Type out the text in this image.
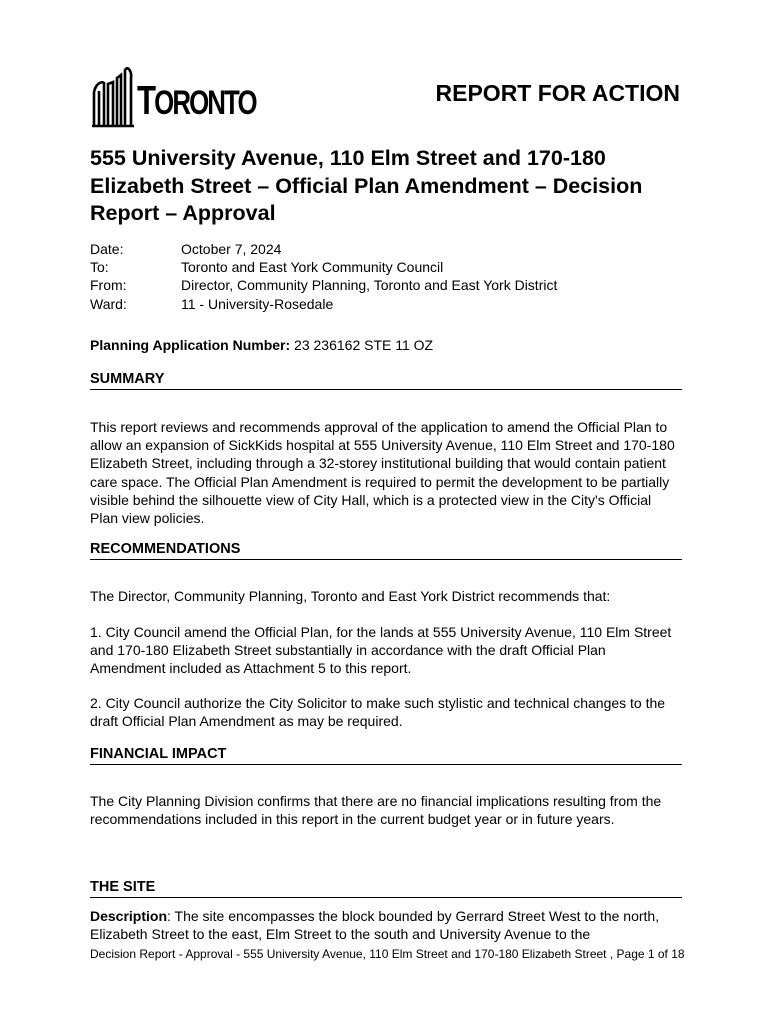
TORONTO	REPORT FOR ACTION
555 University Avenue, 110 Elm Street and 170-180 Elizabeth Street – Official Plan Amendment – Decision Report – Approval
Date:	October 7, 2024
To:	Toronto and East York Community Council
From:	Director, Community Planning, Toronto and East York District
Ward:	11 - University-Rosedale
Planning Application Number: 23 236162 STE 11 OZ
SUMMARY

This report reviews and recommends approval of the application to amend the Official Plan to allow an expansion of SickKids hospital at 555 University Avenue, 110 Elm Street and 170-180 Elizabeth Street, including through a 32-storey institutional building that would contain patient care space. The Official Plan Amendment is required to permit the development to be partially visible behind the silhouette view of City Hall, which is a protected view in the City's Official Plan view policies.

RECOMMENDATIONS

The Director, Community Planning, Toronto and East York District recommends that:

1. City Council amend the Official Plan, for the lands at 555 University Avenue, 110 Elm Street and 170-180 Elizabeth Street substantially in accordance with the draft Official Plan Amendment included as Attachment 5 to this report.

2. City Council authorize the City Solicitor to make such stylistic and technical changes to the draft Official Plan Amendment as may be required.

FINANCIAL IMPACT

The City Planning Division confirms that there are no financial implications resulting from the recommendations included in this report in the current budget year or in future years.

THE SITE

Description: The site encompasses the block bounded by Gerrard Street West to the north, Elizabeth Street to the east, Elm Street to the south and University Avenue to the

Decision Report - Approval - 555 University Avenue, 110 Elm Street and 170-180 Elizabeth Street , Page 1 of 18
